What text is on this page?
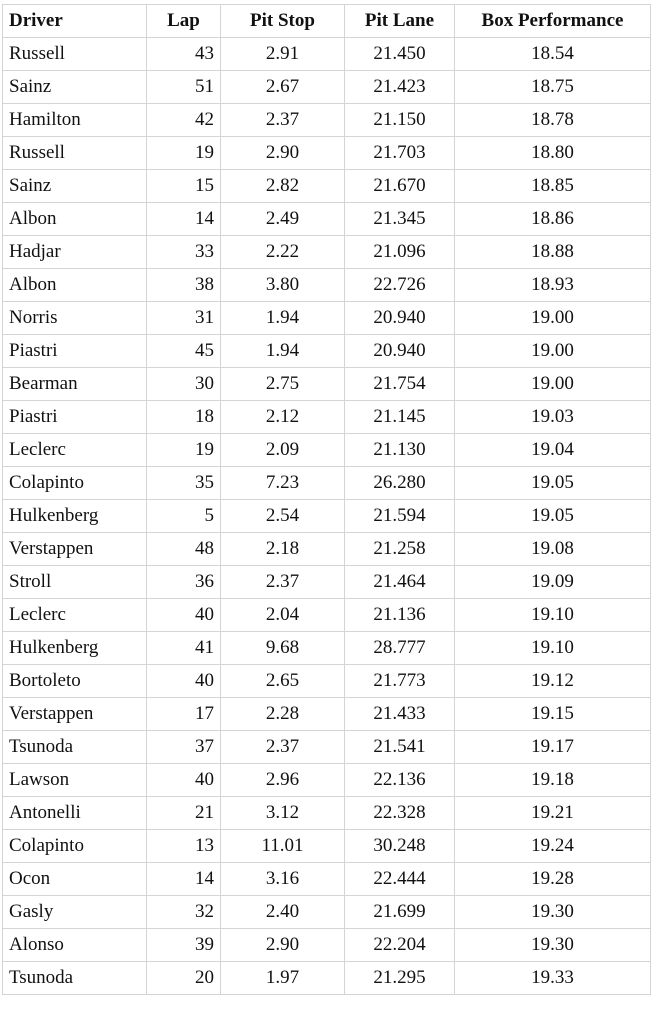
Driver	Lap	Pit Stop	Pit Lane	Box Performance
Russell	43	2.91	21.450	18.54
Sainz	51	2.67	21.423	18.75
Hamilton	42	2.37	21.150	18.78
Russell	19	2.90	21.703	18.80
Sainz	15	2.82	21.670	18.85
Albon	14	2.49	21.345	18.86
Hadjar	33	2.22	21.096	18.88
Albon	38	3.80	22.726	18.93
Norris	31	1.94	20.940	19.00
Piastri	45	1.94	20.940	19.00
Bearman	30	2.75	21.754	19.00
Piastri	18	2.12	21.145	19.03
Leclerc	19	2.09	21.130	19.04
Colapinto	35	7.23	26.280	19.05
Hulkenberg	5	2.54	21.594	19.05
Verstappen	48	2.18	21.258	19.08
Stroll	36	2.37	21.464	19.09
Leclerc	40	2.04	21.136	19.10
Hulkenberg	41	9.68	28.777	19.10
Bortoleto	40	2.65	21.773	19.12
Verstappen	17	2.28	21.433	19.15
Tsunoda	37	2.37	21.541	19.17
Lawson	40	2.96	22.136	19.18
Antonelli	21	3.12	22.328	19.21
Colapinto	13	11.01	30.248	19.24
Ocon	14	3.16	22.444	19.28
Gasly	32	2.40	21.699	19.30
Alonso	39	2.90	22.204	19.30
Tsunoda	20	1.97	21.295	19.33
